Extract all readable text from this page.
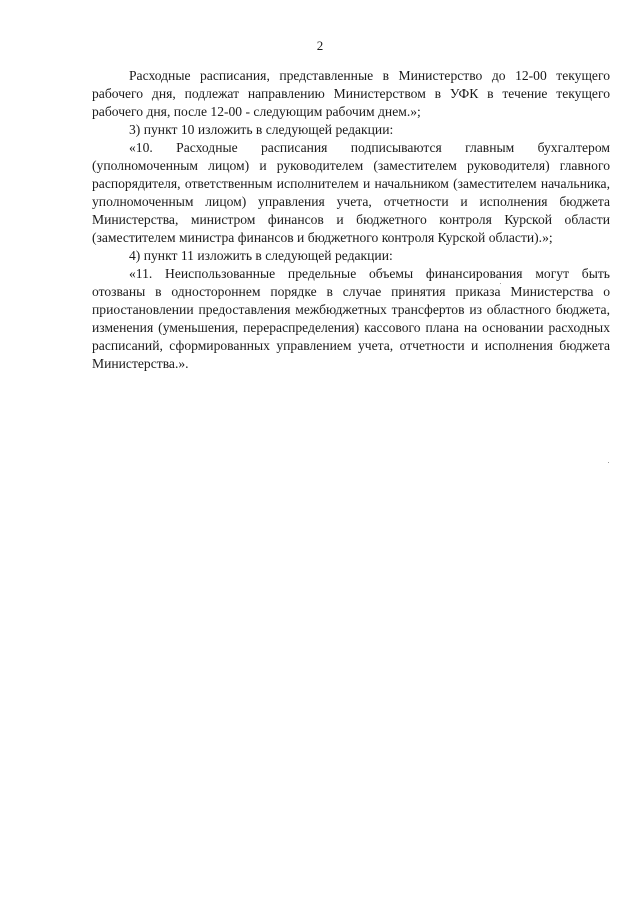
2

Расходные расписания, представленные в Министерство до 12-00 текущего рабочего дня, подлежат направлению Министерством в УФК в течение текущего рабочего дня, после 12-00 - следующим рабочим днем.»;

3) пункт 10 изложить в следующей редакции:

«10. Расходные расписания подписываются главным бухгалтером (уполномоченным лицом) и руководителем (заместителем руководителя) главного распорядителя, ответственным исполнителем и начальником (заместителем начальника, уполномоченным лицом) управления учета, отчетности и исполнения бюджета Министерства, министром финансов и бюджетного контроля Курской области (заместителем министра финансов и бюджетного контроля Курской области).»;

4) пункт 11 изложить в следующей редакции:

«11. Неиспользованные предельные объемы финансирования могут быть отозваны в одностороннем порядке в случае принятия приказа Министерства о приостановлении предоставления межбюджетных трансфертов из областного бюджета, изменения (уменьшения, перераспределения) кассового плана на основании расходных расписаний, сформированных управлением учета, отчетности и исполнения бюджета Министерства.».
